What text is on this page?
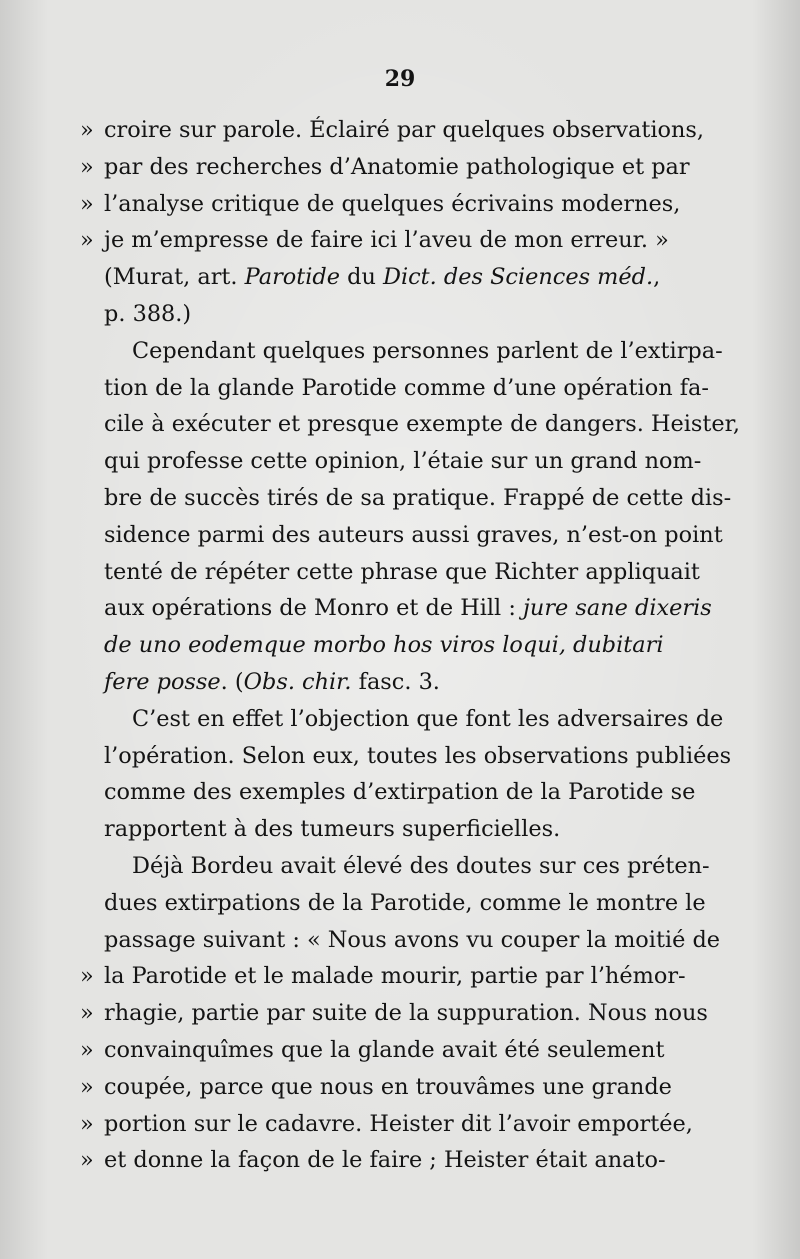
29
» croire sur parole. Éclairé par quelques observations,
» par des recherches d’Anatomie pathologique et par
» l’analyse critique de quelques écrivains modernes,
» je m’empresse de faire ici l’aveu de mon erreur. »
(Murat, art. Parotide du Dict. des Sciences méd.,
p. 388.)
Cependant quelques personnes parlent de l’extirpa-
tion de la glande Parotide comme d’une opération fa-
cile à exécuter et presque exempte de dangers. Heister,
qui professe cette opinion, l’étaie sur un grand nom-
bre de succès tirés de sa pratique. Frappé de cette dis-
sidence parmi des auteurs aussi graves, n’est-on point
tenté de répéter cette phrase que Richter appliquait
aux opérations de Monro et de Hill : jure sane dixeris
de uno eodemque morbo hos viros loqui, dubitari
fere posse. (Obs. chir. fasc. 3.
C’est en effet l’objection que font les adversaires de
l’opération. Selon eux, toutes les observations publiées
comme des exemples d’extirpation de la Parotide se
rapportent à des tumeurs superficielles.
Déjà Bordeu avait élevé des doutes sur ces préten-
dues extirpations de la Parotide, comme le montre le
passage suivant : « Nous avons vu couper la moitié de
» la Parotide et le malade mourir, partie par l’hémor-
» rhagie, partie par suite de la suppuration. Nous nous
» convainquîmes que la glande avait été seulement
» coupée, parce que nous en trouvâmes une grande
» portion sur le cadavre. Heister dit l’avoir emportée,
» et donne la façon de le faire ; Heister était anato-
